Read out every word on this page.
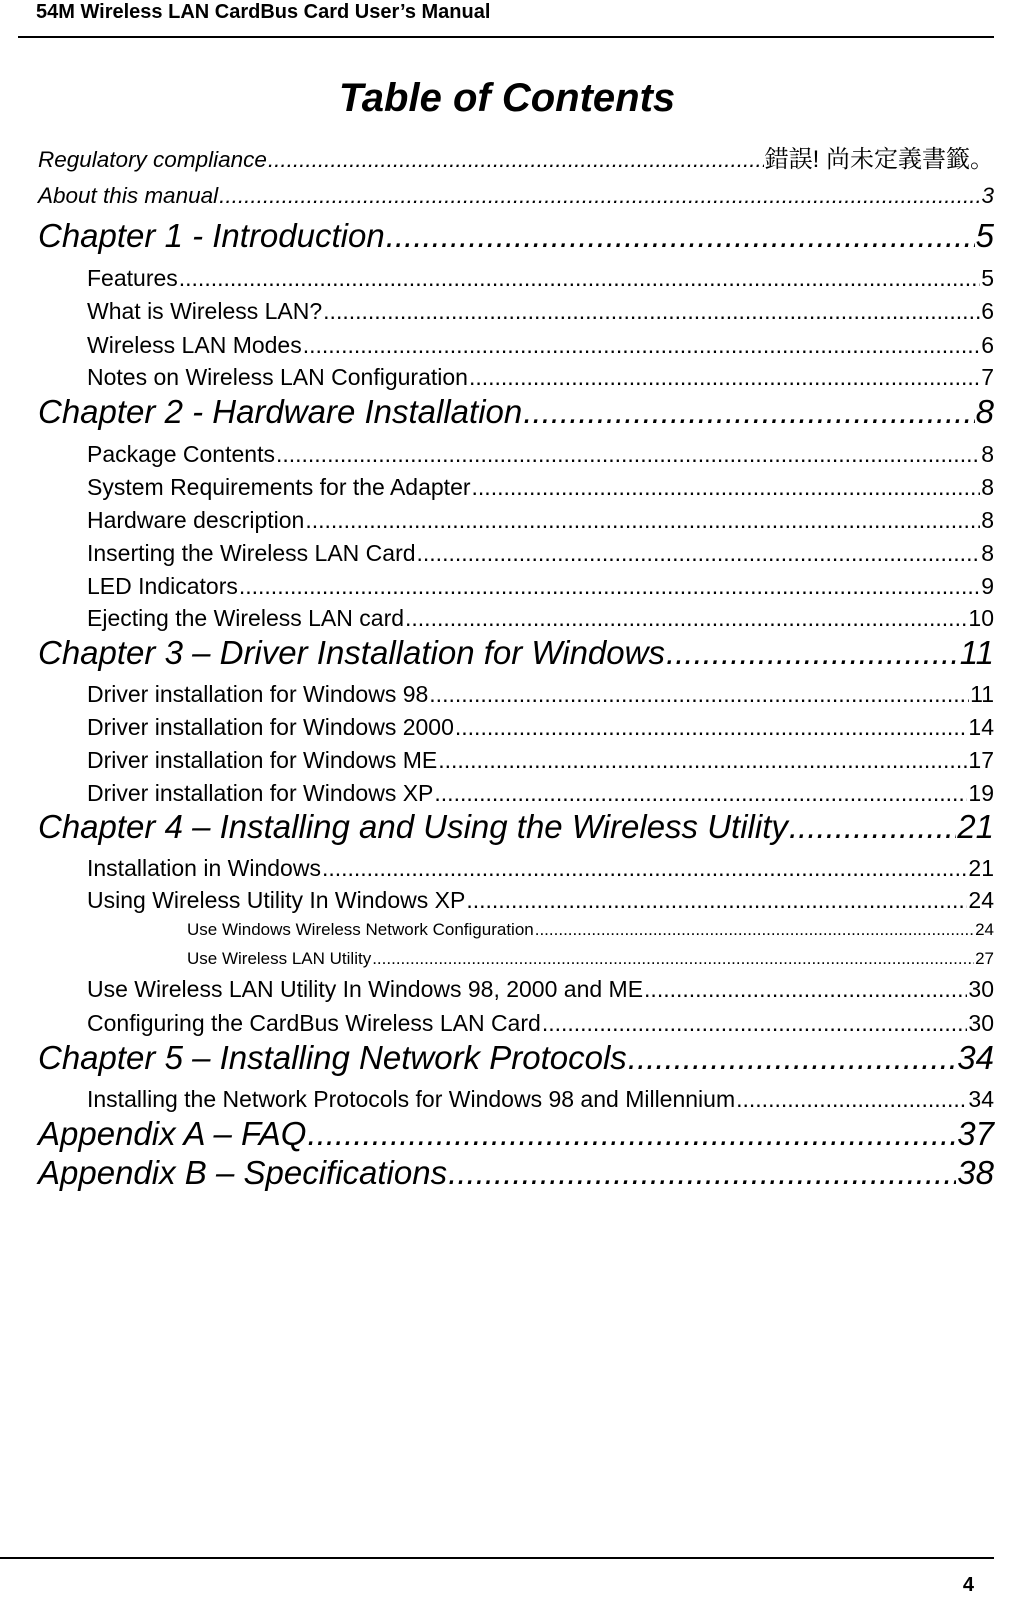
54M Wireless LAN CardBus Card User’s Manual
Table of Contents
Regulatory compliance .....	錯誤! 尚未定義書籤。
About this manual .....	3
Chapter 1 - Introduction .....	5
Features .....	5
What is Wireless LAN? .....	6
Wireless LAN Modes .....	6
Notes on Wireless LAN Configuration .....	7
Chapter 2 - Hardware Installation .....	8
Package Contents .....	8
System Requirements for the Adapter .....	8
Hardware description .....	8
Inserting the Wireless LAN Card .....	8
LED Indicators .....	9
Ejecting the Wireless LAN card .....	10
Chapter 3 – Driver Installation for Windows .....	11
Driver installation for Windows 98 .....	11
Driver installation for Windows 2000 .....	14
Driver installation for Windows ME .....	17
Driver installation for Windows XP .....	19
Chapter 4 – Installing and Using the Wireless Utility .....	21
Installation in Windows .....	21
Using Wireless Utility In Windows XP .....	24
Use Windows Wireless Network Configuration .....	24
Use Wireless LAN Utility .....	27
Use Wireless LAN Utility In Windows 98, 2000 and ME .....	30
Configuring the CardBus Wireless LAN Card .....	30
Chapter 5 – Installing Network Protocols .....	34
Installing the Network Protocols for Windows 98 and Millennium .....	34
Appendix A – FAQ .....	37
Appendix B – Specifications .....	38
4
